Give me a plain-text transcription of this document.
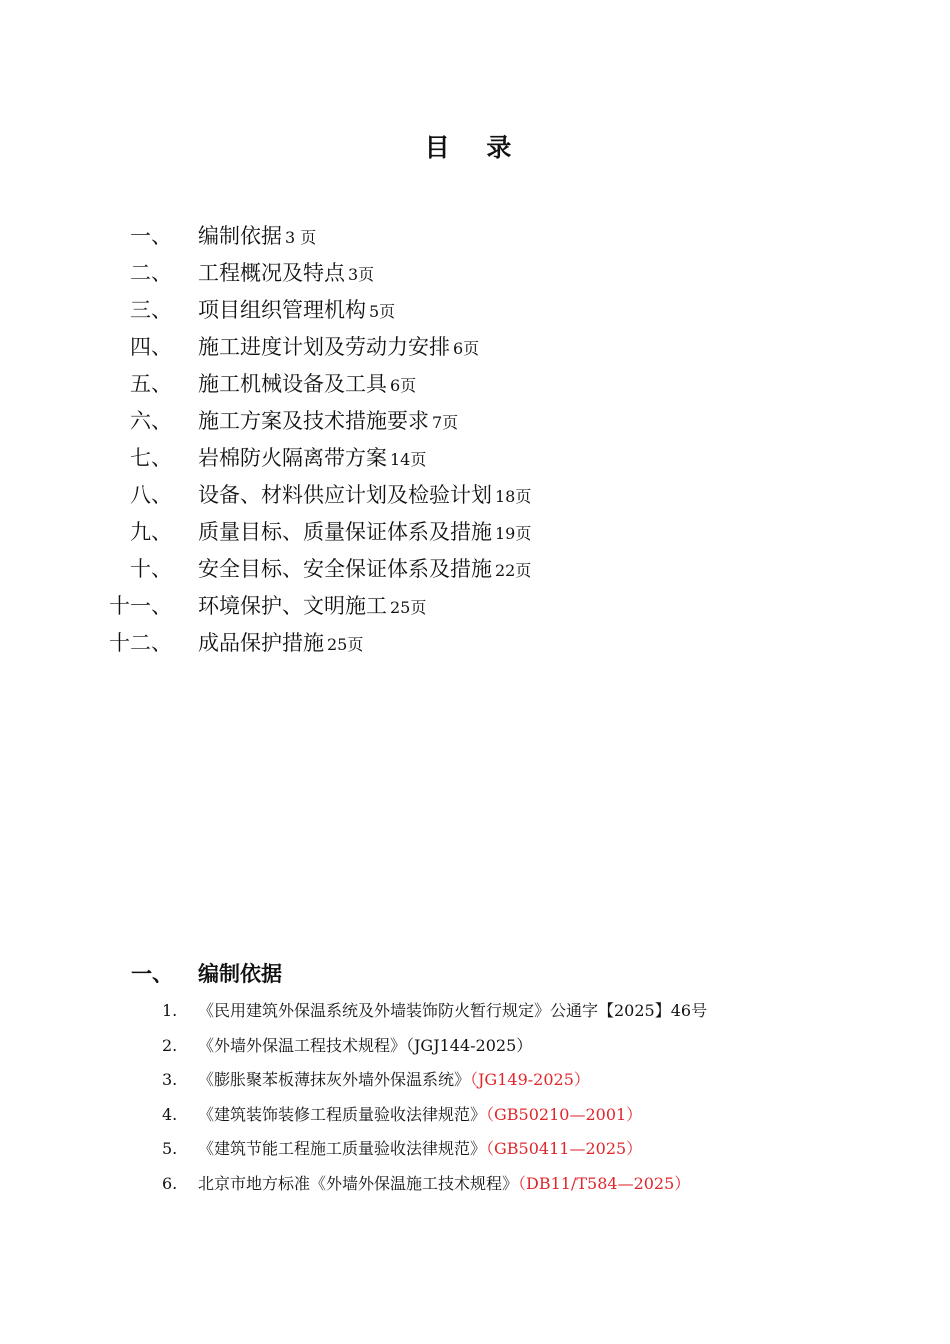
目 录
一、 编制依据 3 页
二、 工程概况及特点 3页
三、 项目组织管理机构 5页
四、 施工进度计划及劳动力安排 6页
五、 施工机械设备及工具 6页
六、 施工方案及技术措施要求 7页
七、 岩棉防火隔离带方案 14页
八、 设备、材料供应计划及检验计划 18页
九、 质量目标、质量保证体系及措施 19页
十、 安全目标、安全保证体系及措施 22页
十一、 环境保护、文明施工 25页
十二、 成品保护措施 25页
一、 编制依据
1. 《民用建筑外保温系统及外墙装饰防火暂行规定》公通字【2025】46号
2. 《外墙外保温工程技术规程》（JGJ144-2025）
3. 《膨胀聚苯板薄抹灰外墙外保温系统》（JG149-2025）
4. 《建筑装饰装修工程质量验收法律规范》（GB50210—2001）
5. 《建筑节能工程施工质量验收法律规范》（GB50411—2025）
6. 北京市地方标准《外墙外保温施工技术规程》（DB11/T584—2025）
